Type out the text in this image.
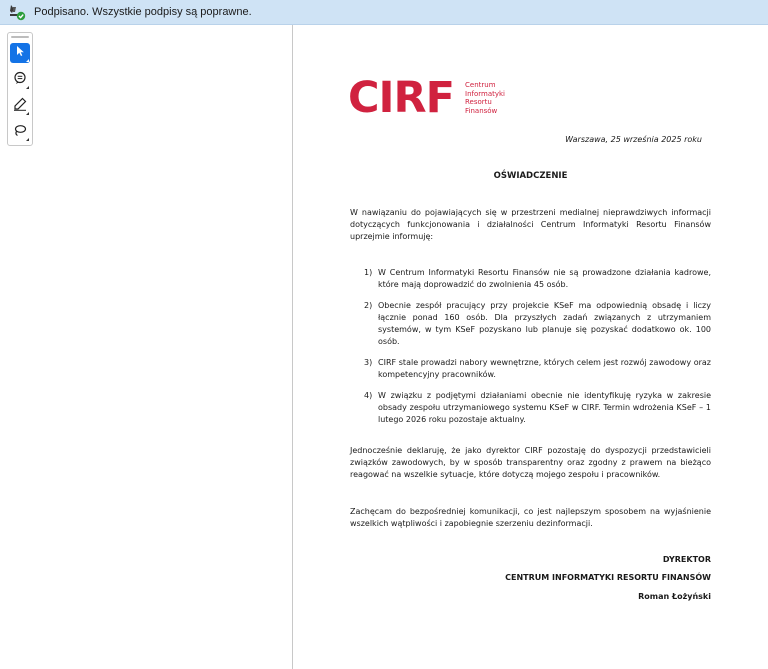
Podpisano. Wszystkie podpisy są poprawne.
CIRF Centrum
Informatyki
Resortu
Finansów
Warszawa, 25 września 2025 roku
OŚWIADCZENIE
W nawiązaniu do pojawiających się w przestrzeni medialnej nieprawdziwych informacji dotyczących funkcjonowania i działalności Centrum Informatyki Resortu Finansów uprzejmie informuję:
1) W Centrum Informatyki Resortu Finansów nie są prowadzone działania kadrowe, które mają doprowadzić do zwolnienia 45 osób.
2) Obecnie zespół pracujący przy projekcie KSeF ma odpowiednią obsadę i liczy łącznie ponad 160 osób. Dla przyszłych zadań związanych z utrzymaniem systemów, w tym KSeF pozyskano lub planuje się pozyskać dodatkowo ok. 100 osób.
3) CIRF stale prowadzi nabory wewnętrzne, których celem jest rozwój zawodowy oraz kompetencyjny pracowników.
4) W związku z podjętymi działaniami obecnie nie identyfikuję ryzyka w zakresie obsady zespołu utrzymaniowego systemu KSeF w CIRF. Termin wdrożenia KSeF – 1 lutego 2026 roku pozostaje aktualny.
Jednocześnie deklaruję, że jako dyrektor CIRF pozostaję do dyspozycji przedstawicieli związków zawodowych, by w sposób transparentny oraz zgodny z prawem na bieżąco reagować na wszelkie sytuacje, które dotyczą mojego zespołu i pracowników.
Zachęcam do bezpośredniej komunikacji, co jest najlepszym sposobem na wyjaśnienie wszelkich wątpliwości i zapobiegnie szerzeniu dezinformacji.
DYREKTOR
CENTRUM INFORMATYKI RESORTU FINANSÓW
Roman Łożyński
